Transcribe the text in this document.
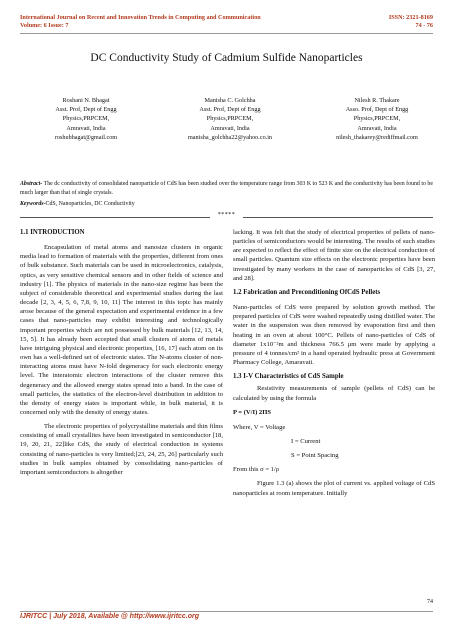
International Journal on Recent and Innovation Trends in Computing and Communication
Volume: 6 Issue: 7
ISSN: 2321-8169
74 - 76
DC Conductivity Study of Cadmium Sulfide Nanoparticles
Roshani N. Bhagat
Asst. Prof, Dept of Engg
Physics,PRPCEM,
Amravati, India
roshubhagat@gmail.com
Manisha C. Golchha
Asst. Prof, Dept of Engg
Physics,PRPCEM,
Amravati, India
manisha_golchha22@yahoo.co.in
Nilesh R. Thakare
Asso. Prof, Dept of Engg
Physics,PRPCEM,
Amravati, India
nilesh_thakarey@rediffmail.com
Abstract- The dc conductivity of consolidated nanoparticle of CdS has been studied over the temperature range from 303 K to 523 K and the conductivity has been found to be much larger than that of single crystals.
Keywords-CdS, Nanoparticles, DC Conductivity
*****
1.1 INTRODUCTION

Encapsulation of metal atoms and nanosize clusters in organic media lead to formation of materials with the properties, different from ones of bulk substance. Such materials can be used in microelectronics, catalysis, optics, as very sensitive chemical sensors and in other fields of science and industry [1]. The physics of materials in the nano-size regime has been the subject of considerable theoretical and experimental studies during the last decade [2, 3, 4, 5, 6, 7,8, 9, 10, 11] The interest in this topic has mainly arose because of the general expectation and experimental evidence in a few cases that nano-particles may exhibit interesting and technologically important properties which are not possessed by bulk materials [12, 13, 14, 15, 5]. It has already been accepted that small clusters of atoms of metals have intriguing physical and electronic properties, [16, 17] each atom on its own has a well-defined set of electronic states. The N-atoms cluster of non-interacting atoms must have N-fold degeneracy for each electronic energy level. The interatomic electron interactions of the cluster remove this degeneracy and the allowed energy states spread into a band. In the case of small particles, the statistics of the electron-level distribution in addition to the density of energy states is important while, in bulk material, it is concerned only with the density of energy states.

The electronic properties of polycrystalline materials and thin films consisting of small crystallites have been investigated in semiconductor [18, 19, 20, 21, 22]like CdS, the study of electrical conduction in systems consisting of nano-particles is very limited;[23, 24, 25, 26] particularly such studies in bulk samples obtained by consolidating nano-particles of important semiconductors is altogether

lacking. It was felt that the study of electrical properties of pellets of nano-particles of semiconductors would be interesting. The results of such studies are expected to reflect the effect of finite size on the electrical conduction of small particles. Quantum size effects on the electronic properties have been investigated by many workers in the case of nanoparticles of CdS [3, 27, and 28].

1.2 Fabrication and Preconditioning OfCdS Pellets

Nano-particles of CdS were prepared by solution growth method. The prepared particles of CdS were washed repeatedly using distilled water. The water in the suspension was then removed by evaporation first and then heating in an oven at about 100°C. Pellets of nano-particles of CdS of diameter 1x10⁻²m and thickness 766.5 μm were made by applying a pressure of 4 tonnes/cm² in a hand operated hydraulic press at Government Pharmacy College, Amaravati.

1.3 I-V Characteristics of CdS Sample

Resistivity measurements of sample (pellets of CdS) can be calculated by using the formula

P = (V/I) 2ΠS

Where, V = Voltage

I = Current

S = Point Spacing

From this σ = 1/ρ

Figure 1.3 (a) shows the plot of current vs. applied voltage of CdS nanoparticles at room temperature. Initially

74
IJRITCC | July 2018, Available @ http://www.ijritcc.org
